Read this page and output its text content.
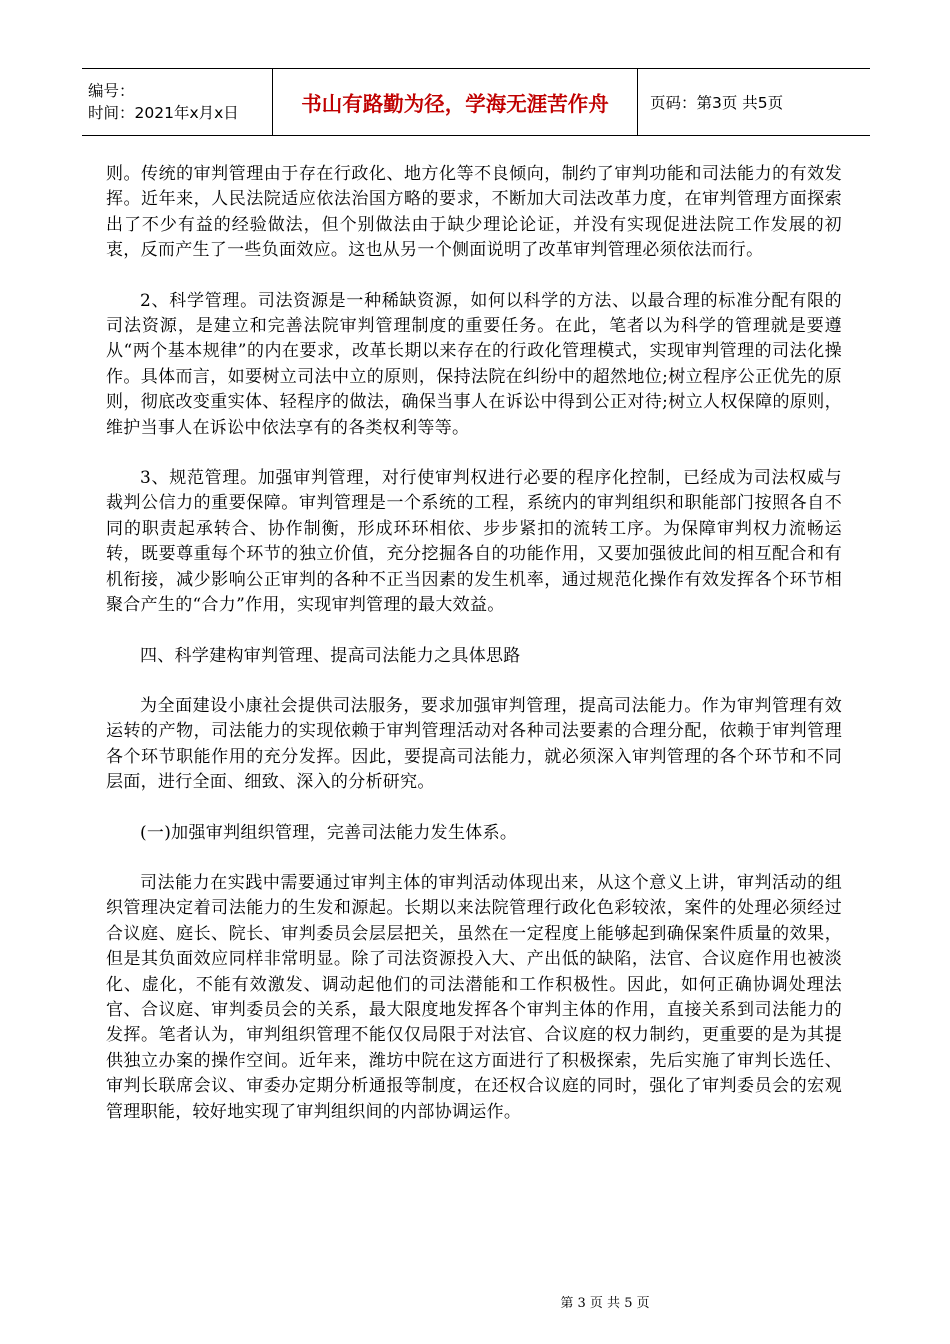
编号：
时间：2021年x月x日	书山有路勤为径，学海无涯苦作舟	页码：第3页 共5页

则。传统的审判管理由于存在行政化、地方化等不良倾向，制约了审判功能和司法能力的有效发挥。近年来，人民法院适应依法治国方略的要求，不断加大司法改革力度，在审判管理方面探索出了不少有益的经验做法，但个别做法由于缺少理论论证，并没有实现促进法院工作发展的初衷，反而产生了一些负面效应。这也从另一个侧面说明了改革审判管理必须依法而行。

2、科学管理。司法资源是一种稀缺资源，如何以科学的方法、以最合理的标准分配有限的司法资源，是建立和完善法院审判管理制度的重要任务。在此，笔者以为科学的管理就是要遵从“两个基本规律”的内在要求，改革长期以来存在的行政化管理模式，实现审判管理的司法化操作。具体而言，如要树立司法中立的原则，保持法院在纠纷中的超然地位;树立程序公正优先的原则，彻底改变重实体、轻程序的做法，确保当事人在诉讼中得到公正对待;树立人权保障的原则，维护当事人在诉讼中依法享有的各类权利等等。

3、规范管理。加强审判管理，对行使审判权进行必要的程序化控制，已经成为司法权威与裁判公信力的重要保障。审判管理是一个系统的工程，系统内的审判组织和职能部门按照各自不同的职责起承转合、协作制衡，形成环环相依、步步紧扣的流转工序。为保障审判权力流畅运转，既要尊重每个环节的独立价值，充分挖掘各自的功能作用，又要加强彼此间的相互配合和有机衔接，减少影响公正审判的各种不正当因素的发生机率，通过规范化操作有效发挥各个环节相聚合产生的“合力”作用，实现审判管理的最大效益。

四、科学建构审判管理、提高司法能力之具体思路

为全面建设小康社会提供司法服务，要求加强审判管理，提高司法能力。作为审判管理有效运转的产物，司法能力的实现依赖于审判管理活动对各种司法要素的合理分配，依赖于审判管理各个环节职能作用的充分发挥。因此，要提高司法能力，就必须深入审判管理的各个环节和不同 层面，进行全面、细致、深入的分析研究。

(一)加强审判组织管理，完善司法能力发生体系。

司法能力在实践中需要通过审判主体的审判活动体现出来，从这个意义上讲，审判活动的组织管理决定着司法能力的生发和源起。长期以来法院管理行政化色彩较浓，案件的处理必须经过合议庭、庭长、院长、审判委员会层层把关，虽然在一定程度上能够起到确保案件质量的效果，但是其负面效应同样非常明显。除了司法资源投入大、产出低的缺陷，法官、合议庭作用也被淡化、虚化，不能有效激发、调动起他们的司法潜能和工作积极性。因此，如何正确协调处理法官、合议庭、审判委员会的关系，最大限度地发挥各个审判主体的作用，直接关系到司法能力的发挥。笔者认为，审判组织管理不能仅仅局限于对法官、合议庭的权力制约，更重要的是为其提供独立办案的操作空间。近年来，潍坊中院在这方面进行了积极探索，先后实施了审判长选任、审判长联席会议、审委办定期分析通报等制度，在还权合议庭的同时，强化了审判委员会的宏观管理职能，较好地实现了审判组织间的内部协调运作。

第 3 页 共 5 页
